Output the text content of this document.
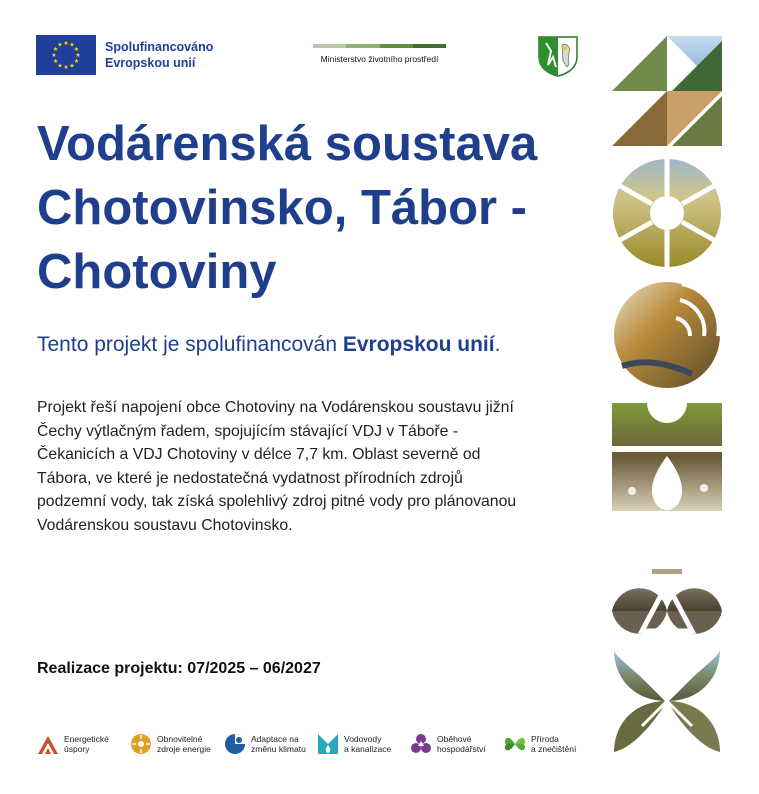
★ ★
★
★
★
★
★
★
★
★
★
★	Spolufinancováno
Evropskou unií	Ministerstvo životního prostředí
Vodárenská soustava
Chotovinsko, Tábor -
Chotoviny

Tento projekt je spolufinancován Evropskou unií.

Projekt řeší napojení obce Chotoviny na Vodárenskou soustavu jižní
Čechy výtlačným řadem, spojujícím stávající VDJ v Táboře -
Čekanicích a VDJ Chotoviny v délce 7,7 km. Oblast severně od
Tábora, ve které je nedostatečná vydatnost přírodních zdrojů
podzemní vody, tak získá spolehlivý zdroj pitné vody pro plánovanou
Vodárenskou soustavu Chotovinsko.

Realizace projektu: 07/2025 – 06/2027

Energetické
úspory
Obnovitelné
zdroje energie
Adaptace na
změnu klimatu
Vodovody
a kanalizace
Oběhové
hospodářství
Příroda
a znečištění
